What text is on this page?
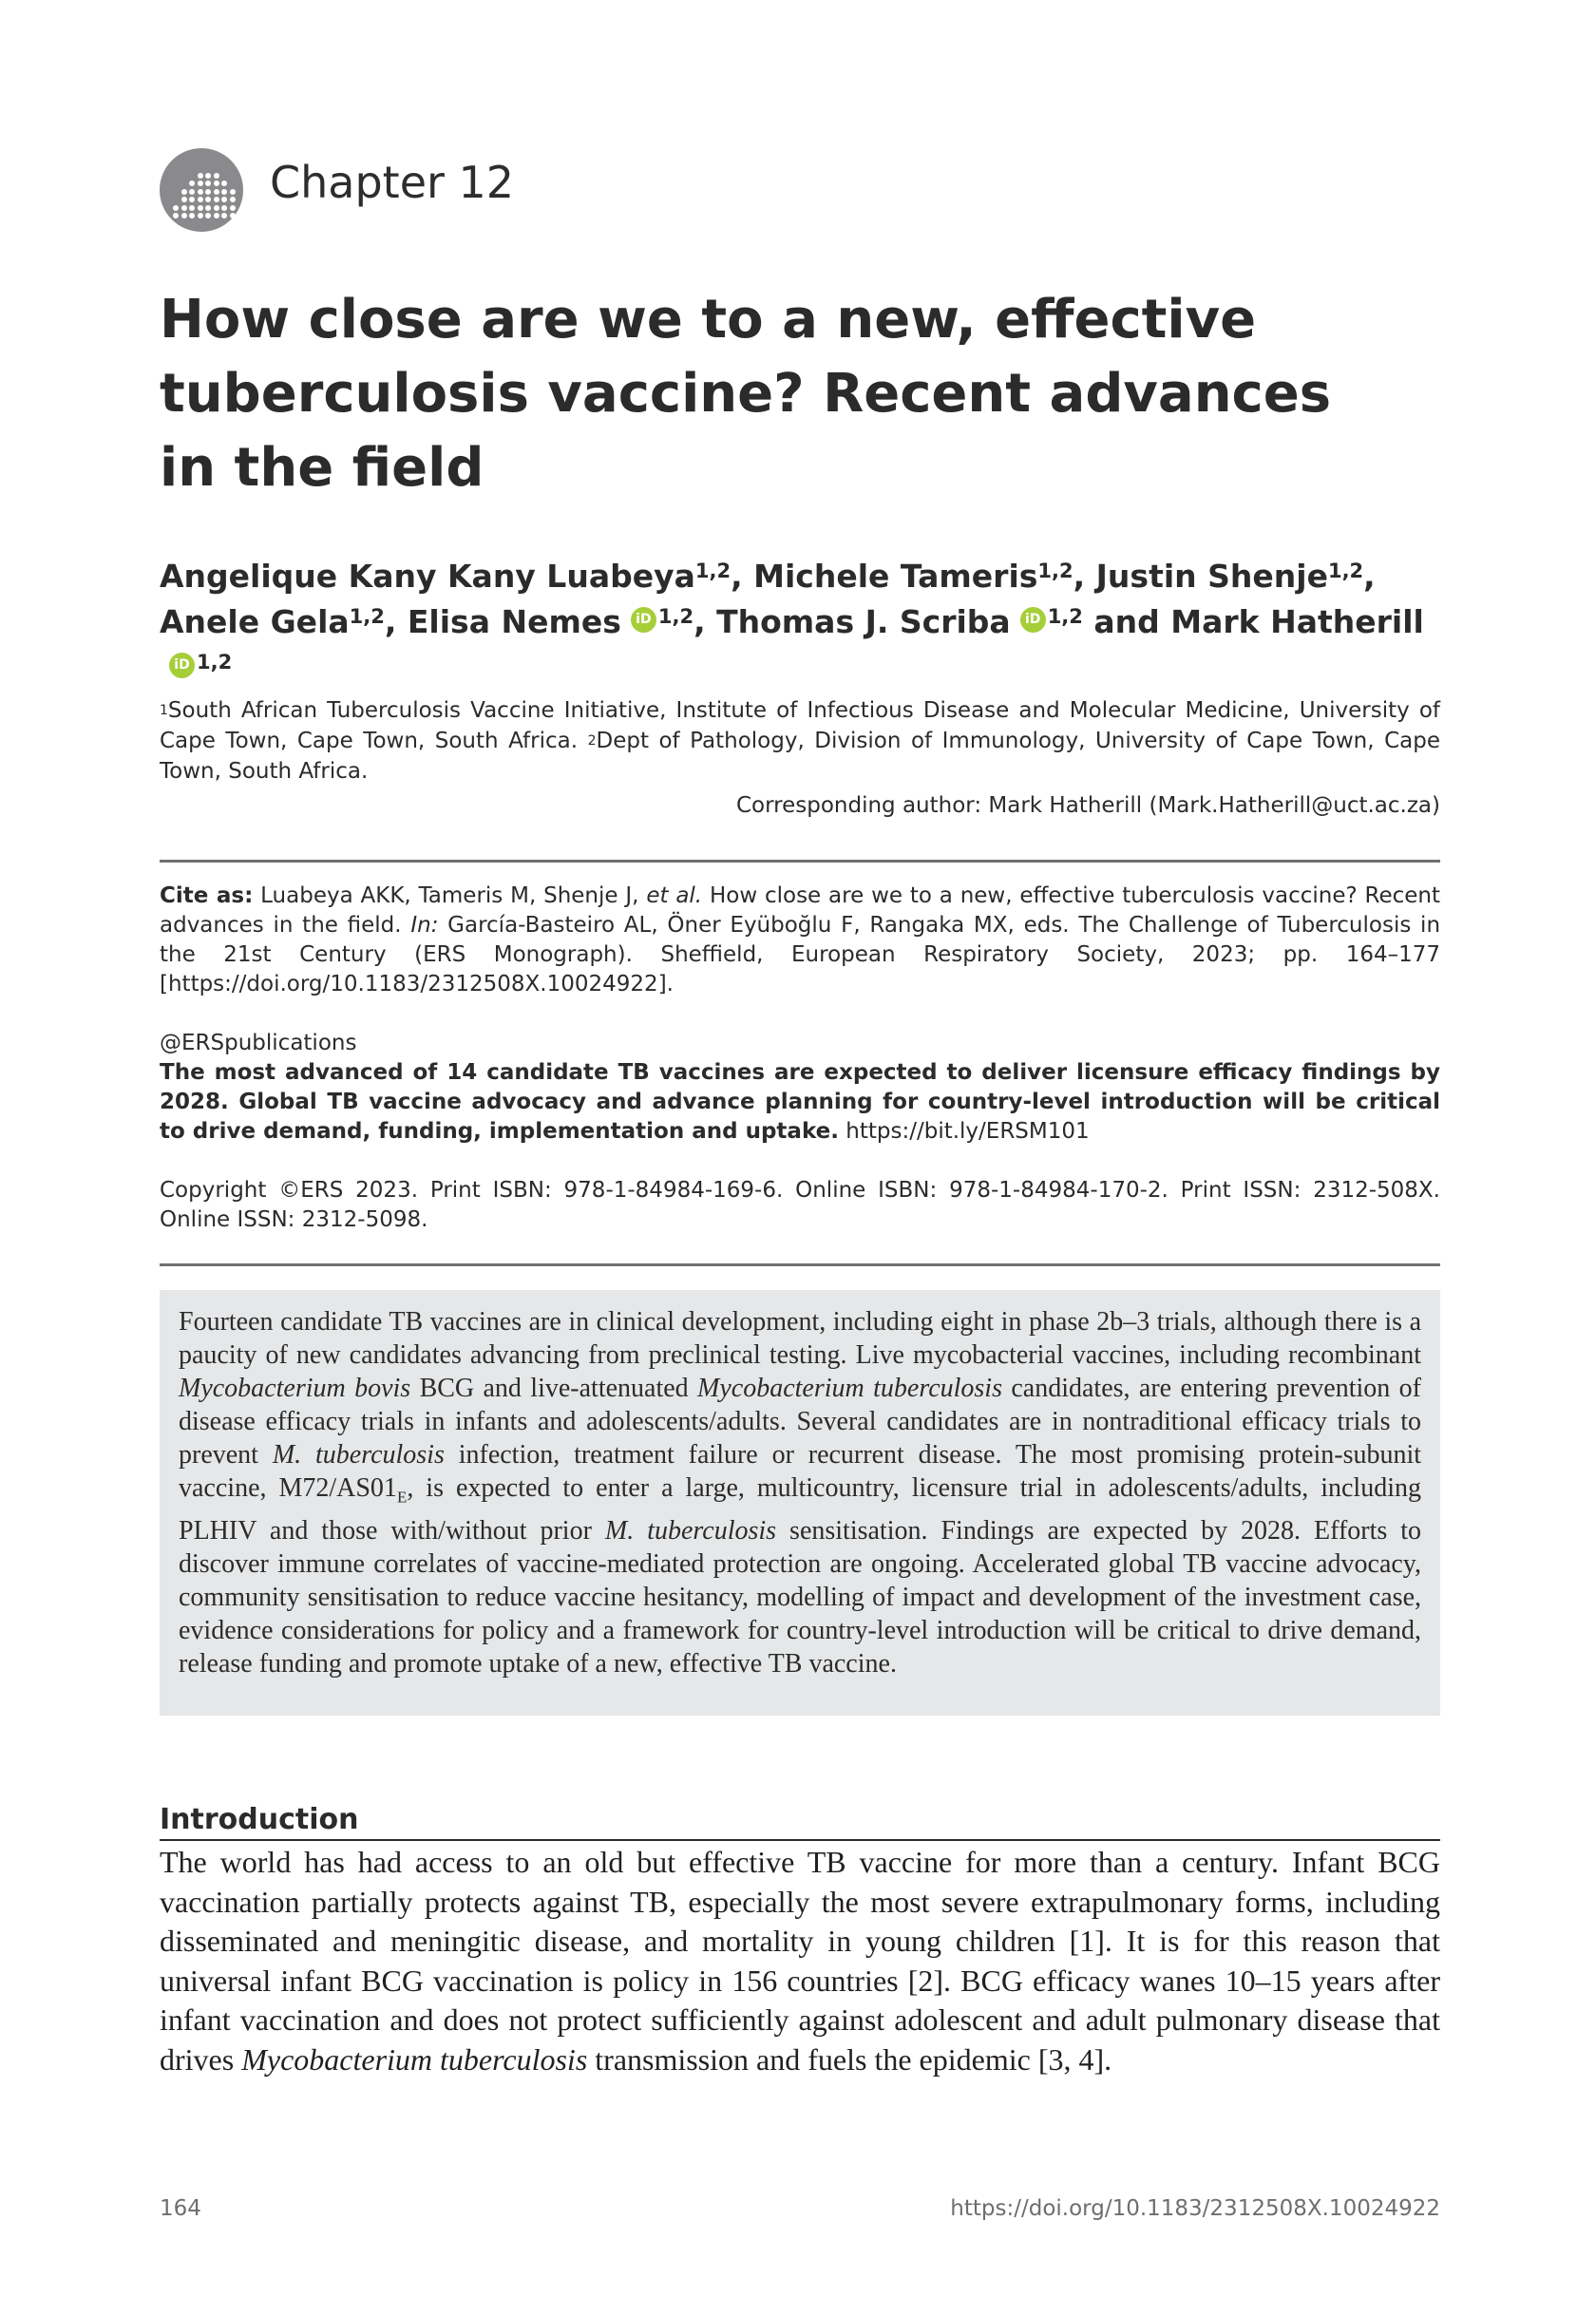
Chapter 12
How close are we to a new, effective tuberculosis vaccine? Recent advances in the field
Angelique Kany Kany Luabeya$^{1,2}$, Michele Tameris$^{1,2}$, Justin Shenje$^{1,2}$,
Anele Gela$^{1,2}$, Elisa Nemes iD $^{1,2}$, Thomas J. Scriba iD $^{1,2}$ and Mark HatherilliD $^{1,2}$
$^1$South African Tuberculosis Vaccine Initiative, Institute of Infectious Disease and Molecular Medicine, University of Cape Town, Cape Town, South Africa. $^2$Dept of Pathology, Division of Immunology, University of Cape Town, Cape Town, South Africa.
Corresponding author: Mark Hatherill (Mark.Hatherill@uct.ac.za)
Cite as: Luabeya AKK, Tameris M, Shenje J, et al. How close are we to a new, effective tuberculosis vaccine? Recent advances in the field. In: García-Basteiro AL, Öner Eyüboğlu F, Rangaka MX, eds. The Challenge of Tuberculosis in the 21st Century (ERS Monograph). Sheffield, European Respiratory Society, 2023; pp. 164–177 [https://doi.org/10.1183/2312508X.10024922].
@ERSpublications
The most advanced of 14 candidate TB vaccines are expected to deliver licensure efficacy findings by 2028. Global TB vaccine advocacy and advance planning for country-level introduction will be critical to drive demand, funding, implementation and uptake. https://bit.ly/ERSM101
Copyright ©ERS 2023. Print ISBN: 978-1-84984-169-6. Online ISBN: 978-1-84984-170-2. Print ISSN: 2312-508X. Online ISSN: 2312-5098.
Fourteen candidate TB vaccines are in clinical development, including eight in phase 2b–3 trials, although there is a paucity of new candidates advancing from preclinical testing. Live mycobacterial vaccines, including recombinant Mycobacterium bovis BCG and live-attenuated Mycobacterium tuberculosis candidates, are entering prevention of disease efficacy trials in infants and adolescents/adults. Several candidates are in nontraditional efficacy trials to prevent M. tuberculosis infection, treatment failure or recurrent disease. The most promising protein-subunit vaccine, $M72/AS01_E$, is expected to enter a large, multicountry, licensure trial in adolescents/adults, including PLHIV and those with/without prior M. tuberculosis sensitisation. Findings are expected by 2028. Efforts to discover immune correlates of vaccine-mediated protection are ongoing. Accelerated global TB vaccine advocacy, community sensitisation to reduce vaccine hesitancy, modelling of impact and development of the investment case, evidence considerations for policy and a framework for country-level introduction will be critical to drive demand, release funding and promote uptake of a new, effective TB vaccine.
Introduction
The world has had access to an old but effective TB vaccine for more than a century. Infant BCG vaccination partially protects against TB, especially the most severe extrapulmonary forms, including disseminated and meningitic disease, and mortality in young children [1]. It is for this reason that universal infant BCG vaccination is policy in 156 countries [2]. BCG efficacy wanes 10–15 years after infant vaccination and does not protect sufficiently against adolescent and adult pulmonary disease that drives Mycobacterium tuberculosis transmission and fuels the epidemic [3, 4].
164	https://doi.org/10.1183/2312508X.10024922
